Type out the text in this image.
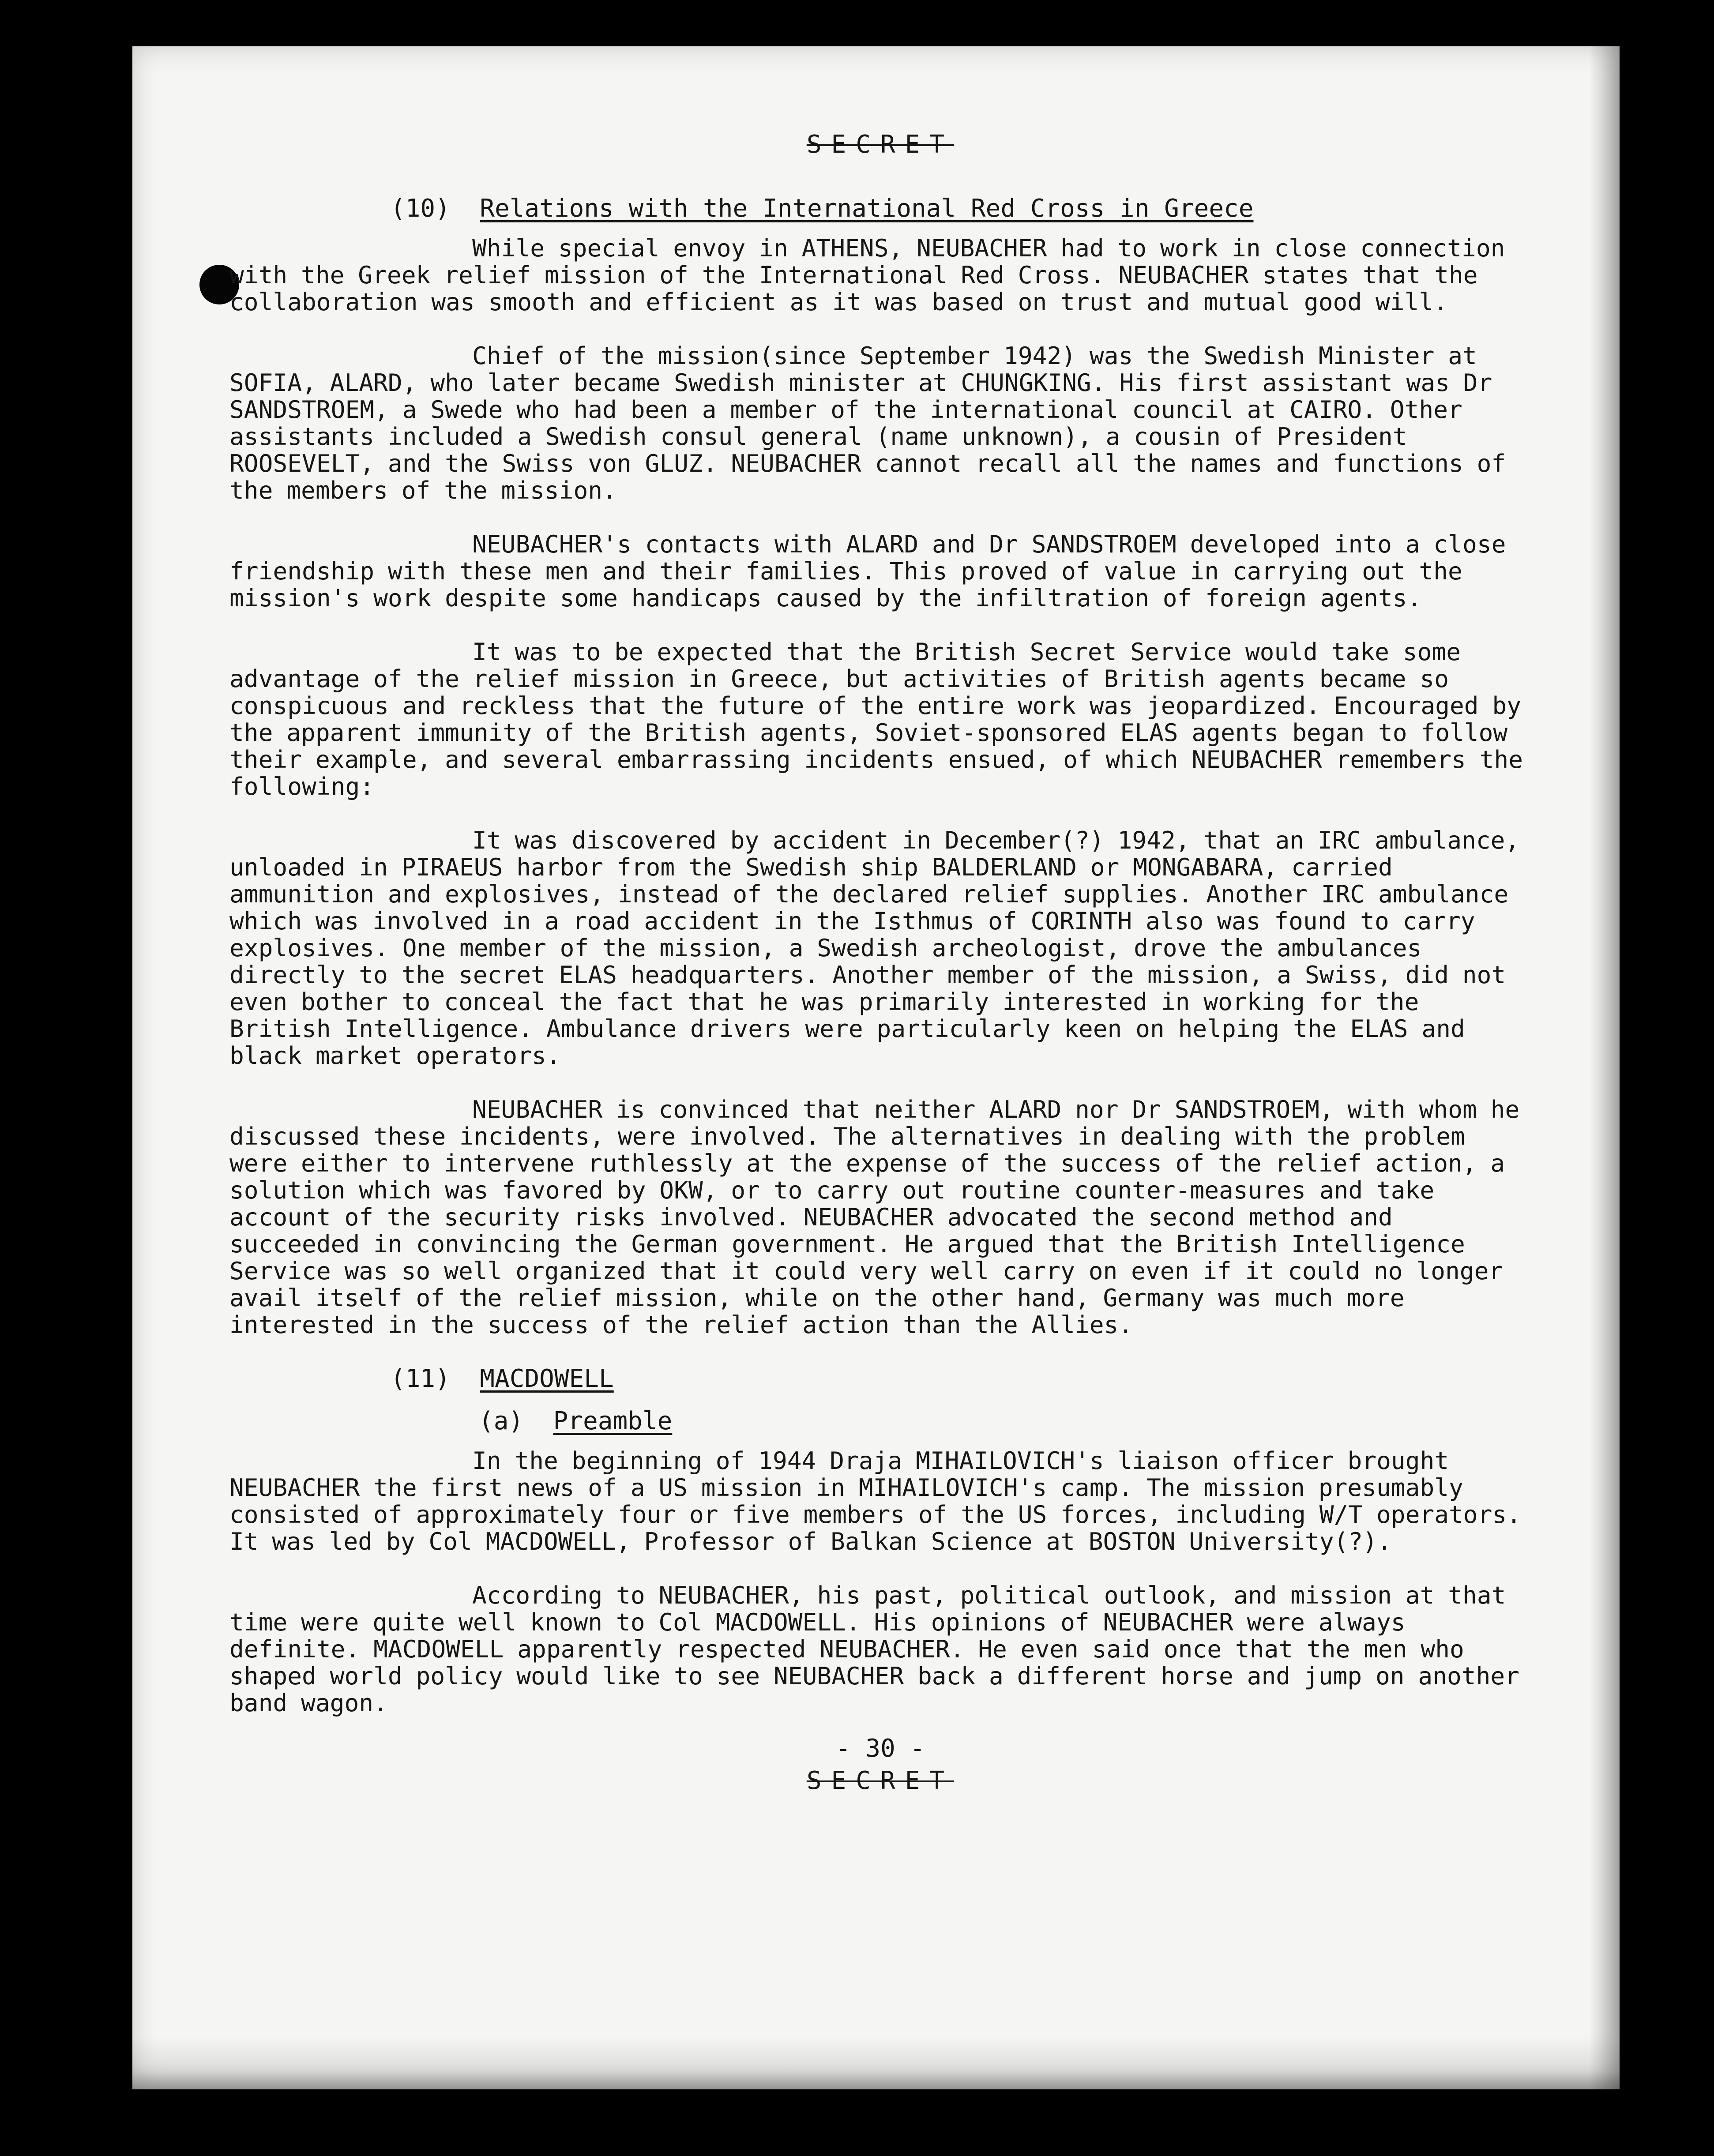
SECRET
(10) Relations with the International Red Cross in Greece

While special envoy in ATHENS, NEUBACHER had to work in close connection with the Greek relief mission of the International Red Cross. NEUBACHER states that the collaboration was smooth and efficient as it was based on trust and mutual good will.

Chief of the mission(since September 1942) was the Swedish Minister at SOFIA, ALARD, who later became Swedish minister at CHUNGKING. His first assistant was Dr SANDSTROEM, a Swede who had been a member of the international council at CAIRO. Other assistants included a Swedish consul general (name unknown), a cousin of President ROOSEVELT, and the Swiss von GLUZ. NEUBACHER cannot recall all the names and functions of the members of the mission.

NEUBACHER's contacts with ALARD and Dr SANDSTROEM developed into a close friendship with these men and their families. This proved of value in carrying out the mission's work despite some handicaps caused by the infiltration of foreign agents.

It was to be expected that the British Secret Service would take some advantage of the relief mission in Greece, but activities of British agents became so conspicuous and reckless that the future of the entire work was jeopardized. Encouraged by the apparent immunity of the British agents, Soviet-sponsored ELAS agents began to follow their example, and several embarrassing incidents ensued, of which NEUBACHER remembers the following:

It was discovered by accident in December(?) 1942, that an IRC ambulance, unloaded in PIRAEUS harbor from the Swedish ship BALDERLAND or MONGABARA, carried ammunition and explosives, instead of the declared relief supplies. Another IRC ambulance which was involved in a road accident in the Isthmus of CORINTH also was found to carry explosives. One member of the mission, a Swedish archeologist, drove the ambulances directly to the secret ELAS headquarters. Another member of the mission, a Swiss, did not even bother to conceal the fact that he was primarily interested in working for the British Intelligence. Ambulance drivers were particularly keen on helping the ELAS and black market operators.

NEUBACHER is convinced that neither ALARD nor Dr SANDSTROEM, with whom he discussed these incidents, were involved. The alternatives in dealing with the problem were either to intervene ruthlessly at the expense of the success of the relief action, a solution which was favored by OKW, or to carry out routine counter-measures and take account of the security risks involved. NEUBACHER advocated the second method and succeeded in convincing the German government. He argued that the British Intelligence Service was so well organized that it could very well carry on even if it could no longer avail itself of the relief mission, while on the other hand, Germany was much more interested in the success of the relief action than the Allies.

(11) MACDOWELL
(a) Preamble

In the beginning of 1944 Draja MIHAILOVICH's liaison officer brought NEUBACHER the first news of a US mission in MIHAILOVICH's camp. The mission presumably consisted of approximately four or five members of the US forces, including W/T operators. It was led by Col MACDOWELL, Professor of Balkan Science at BOSTON University(?).

According to NEUBACHER, his past, political outlook, and mission at that time were quite well known to Col MACDOWELL. His opinions of NEUBACHER were always definite. MACDOWELL apparently respected NEUBACHER. He even said once that the men who shaped world policy would like to see NEUBACHER back a different horse and jump on another band wagon.

- 30 -
SECRET
